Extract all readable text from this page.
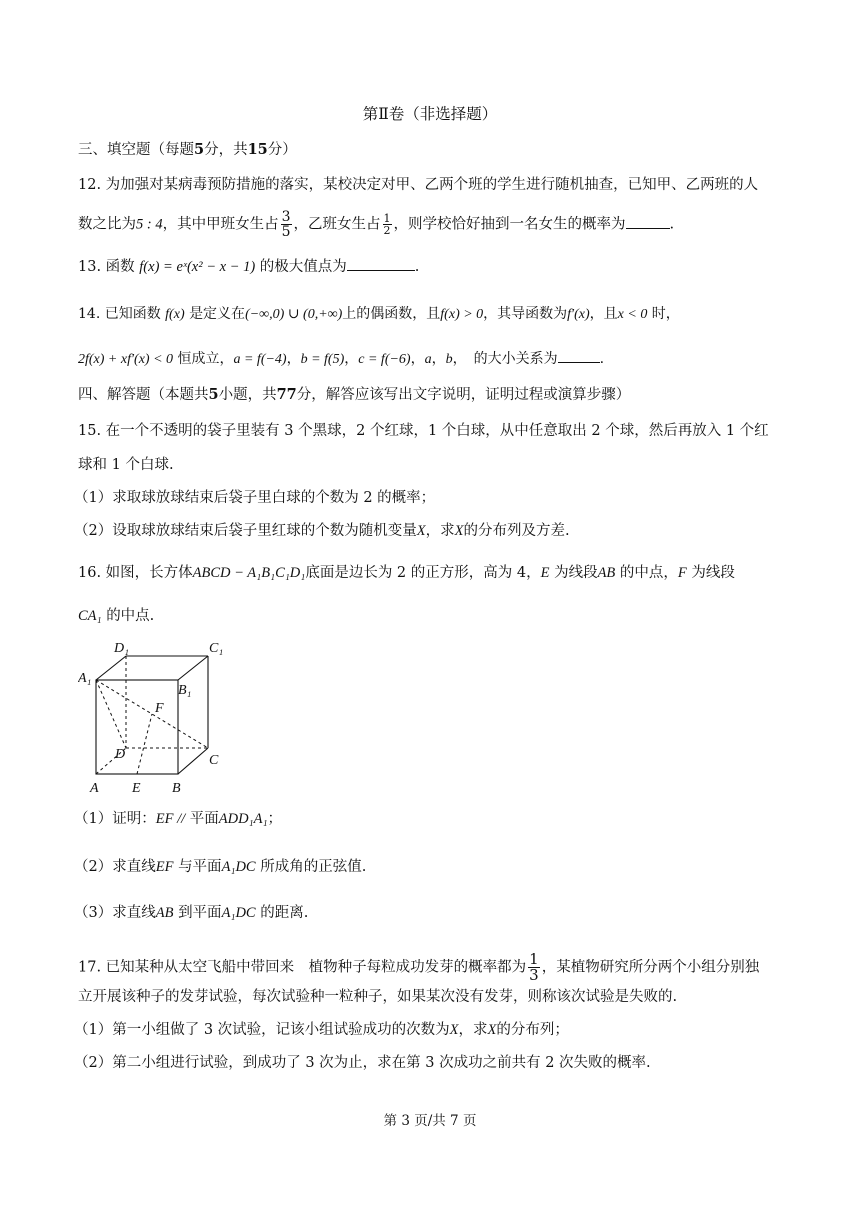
第Ⅱ卷（非选择题）
三、填空题（每题5分，共15分）
12. 为加强对某病毒预防措施的落实，某校决定对甲、乙两个班的学生进行随机抽查，已知甲、乙两班的人
数之比为5 : 4，其中甲班女生占 $\frac{3}{5}$ ，乙班女生占 $\frac{1}{2}$ ，则学校恰好抽到一名女生的概率为	.
13. 函数 f(x) = eˣ(x² − x − 1) 的极大值点为	.
14. 已知函数 f(x) 是定义在(−∞,0) ∪ (0,+∞)上的偶函数，且f(x) > 0，其导函数为f′(x)，且x < 0 时，
2f(x) + xf′(x) < 0 恒成立，a = f(−4)，b = f(5)，c = f(−6)，a，b，　 的大小关系为	.
四、解答题（本题共5小题，共77分，解答应该写出文字说明，证明过程或演算步骤）
15. 在一个不透明的袋子里装有 3 个黑球，2 个红球，1 个白球，从中任意取出 2 个球，然后再放入 1 个红
球和 1 个白球.
（1）求取球放球结束后袋子里白球的个数为 2 的概率；
（2）设取球放球结束后袋子里红球的个数为随机变量X，求X的分布列及方差.
16. 如图，长方体ABCD − A₁B₁C₁D₁底面是边长为 2 的正方形，高为 4，E 为线段AB 的中点，F 为线段
CA₁ 的中点.
D₁	C₁
A₁
B₁
F
D	C
A E B
（1）证明：EF // 平面ADD₁A₁；
（2）求直线EF 与平面A₁DC 所成角的正弦值.
（3）求直线AB 到平面A₁DC 的距离.
17. 已知某种从太空飞船中带回来　植物种子每粒成功发芽的概率都为 $\frac{1}{3}$ ，某植物研究所分两个小组分别独
立开展该种子的发芽试验，每次试验种一粒种子，如果某次没有发芽，则称该次试验是失败的.
（1）第一小组做了 3 次试验，记该小组试验成功的次数为X，求X的分布列；
（2）第二小组进行试验，到成功了 3 次为止，求在第 3 次成功之前共有 2 次失败的概率.
第 3 页/共 7 页
